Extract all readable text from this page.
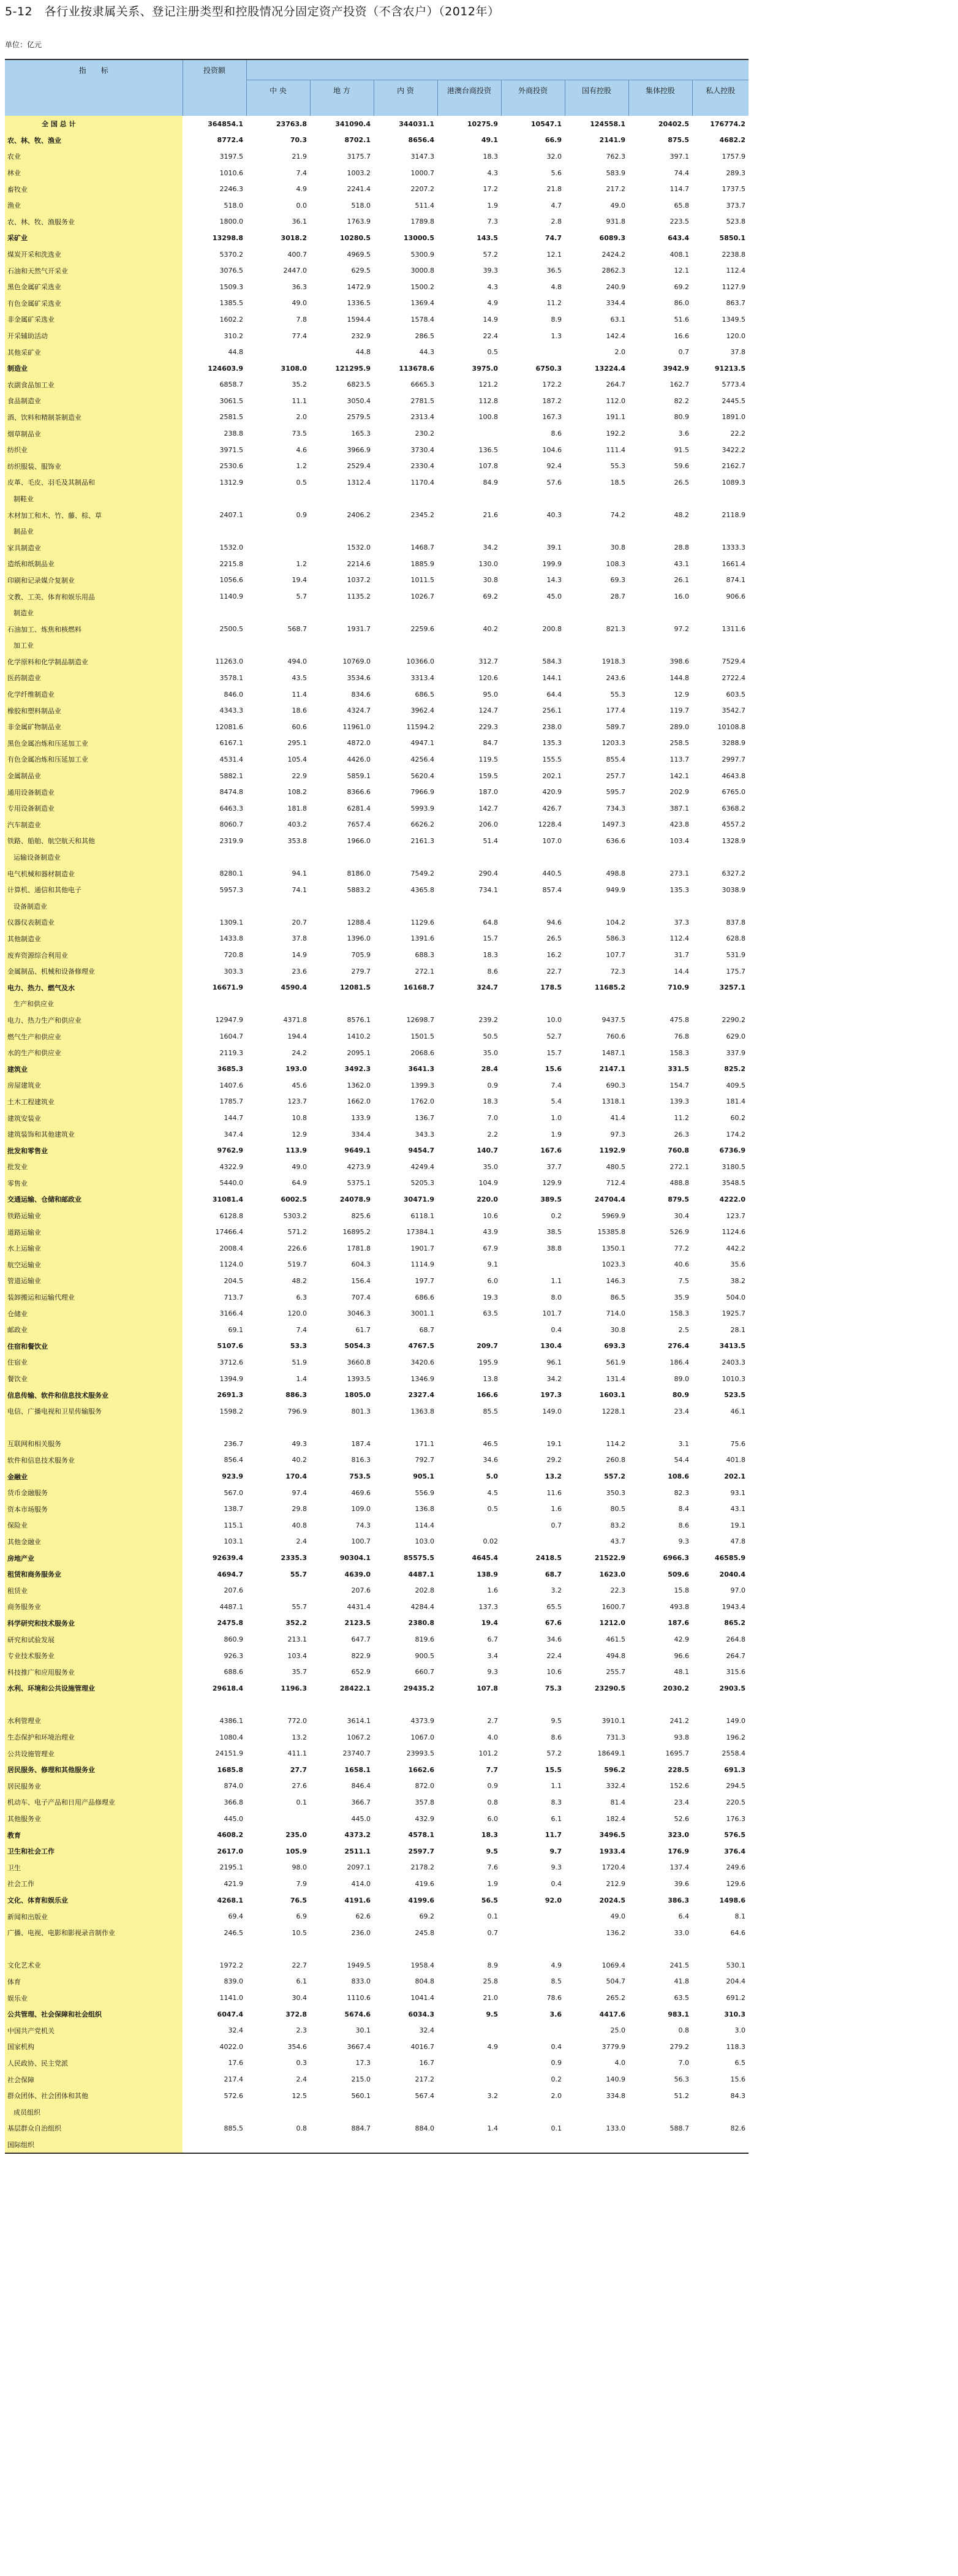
5-12　各行业按隶属关系、登记注册类型和控股情况分固定资产投资（不含农户）（2012年）
单位：亿元
指　　标	投资额								
		中 央	地 方	内 资	港澳台商投资	外商投资	国有控股	集体控股	私人控股

全 国 总 计	364854.1	23763.8	341090.4	344031.1	10275.9	10547.1	124558.1	20402.5	176774.2
农、林、牧、渔业	8772.4	70.3	8702.1	8656.4	49.1	66.9	2141.9	875.5	4682.2
农业	3197.5	21.9	3175.7	3147.3	18.3	32.0	762.3	397.1	1757.9
林业	1010.6	7.4	1003.2	1000.7	4.3	5.6	583.9	74.4	289.3
畜牧业	2246.3	4.9	2241.4	2207.2	17.2	21.8	217.2	114.7	1737.5
渔业	518.0	0.0	518.0	511.4	1.9	4.7	49.0	65.8	373.7
农、林、牧、渔服务业	1800.0	36.1	1763.9	1789.8	7.3	2.8	931.8	223.5	523.8
采矿业	13298.8	3018.2	10280.5	13000.5	143.5	74.7	6089.3	643.4	5850.1
煤炭开采和洗选业	5370.2	400.7	4969.5	5300.9	57.2	12.1	2424.2	408.1	2238.8
石油和天然气开采业	3076.5	2447.0	629.5	3000.8	39.3	36.5	2862.3	12.1	112.4
黑色金属矿采选业	1509.3	36.3	1472.9	1500.2	4.3	4.8	240.9	69.2	1127.9
有色金属矿采选业	1385.5	49.0	1336.5	1369.4	4.9	11.2	334.4	86.0	863.7
非金属矿采选业	1602.2	7.8	1594.4	1578.4	14.9	8.9	63.1	51.6	1349.5
开采辅助活动	310.2	77.4	232.9	286.5	22.4	1.3	142.4	16.6	120.0
其他采矿业	44.8		44.8	44.3	0.5		2.0	0.7	37.8
制造业	124603.9	3108.0	121295.9	113678.6	3975.0	6750.3	13224.4	3942.9	91213.5
农副食品加工业	6858.7	35.2	6823.5	6665.3	121.2	172.2	264.7	162.7	5773.4
食品制造业	3061.5	11.1	3050.4	2781.5	112.8	187.2	112.0	82.2	2445.5
酒、饮料和精制茶制造业	2581.5	2.0	2579.5	2313.4	100.8	167.3	191.1	80.9	1891.0
烟草制品业	238.8	73.5	165.3	230.2		8.6	192.2	3.6	22.2
纺织业	3971.5	4.6	3966.9	3730.4	136.5	104.6	111.4	91.5	3422.2
纺织服装、服饰业	2530.6	1.2	2529.4	2330.4	107.8	92.4	55.3	59.6	2162.7
皮革、毛皮、羽毛及其制品和	1312.9	0.5	1312.4	1170.4	84.9	57.6	18.5	26.5	1089.3
制鞋业									
木材加工和木、竹、藤、棕、草	2407.1	0.9	2406.2	2345.2	21.6	40.3	74.2	48.2	2118.9
制品业									
家具制造业	1532.0		1532.0	1468.7	34.2	39.1	30.8	28.8	1333.3
造纸和纸制品业	2215.8	1.2	2214.6	1885.9	130.0	199.9	108.3	43.1	1661.4
印刷和记录媒介复制业	1056.6	19.4	1037.2	1011.5	30.8	14.3	69.3	26.1	874.1
文教、工美、体育和娱乐用品	1140.9	5.7	1135.2	1026.7	69.2	45.0	28.7	16.0	906.6
制造业									
石油加工、炼焦和核燃料	2500.5	568.7	1931.7	2259.6	40.2	200.8	821.3	97.2	1311.6
加工业									
化学原料和化学制品制造业	11263.0	494.0	10769.0	10366.0	312.7	584.3	1918.3	398.6	7529.4
医药制造业	3578.1	43.5	3534.6	3313.4	120.6	144.1	243.6	144.8	2722.4
化学纤维制造业	846.0	11.4	834.6	686.5	95.0	64.4	55.3	12.9	603.5
橡胶和塑料制品业	4343.3	18.6	4324.7	3962.4	124.7	256.1	177.4	119.7	3542.7
非金属矿物制品业	12081.6	60.6	11961.0	11594.2	229.3	238.0	589.7	289.0	10108.8
黑色金属冶炼和压延加工业	6167.1	295.1	4872.0	4947.1	84.7	135.3	1203.3	258.5	3288.9
有色金属冶炼和压延加工业	4531.4	105.4	4426.0	4256.4	119.5	155.5	855.4	113.7	2997.7
金属制品业	5882.1	22.9	5859.1	5620.4	159.5	202.1	257.7	142.1	4643.8
通用设备制造业	8474.8	108.2	8366.6	7966.9	187.0	420.9	595.7	202.9	6765.0
专用设备制造业	6463.3	181.8	6281.4	5993.9	142.7	426.7	734.3	387.1	6368.2
汽车制造业	8060.7	403.2	7657.4	6626.2	206.0	1228.4	1497.3	423.8	4557.2
铁路、船舶、航空航天和其他	2319.9	353.8	1966.0	2161.3	51.4	107.0	636.6	103.4	1328.9
运输设备制造业									
电气机械和器材制造业	8280.1	94.1	8186.0	7549.2	290.4	440.5	498.8	273.1	6327.2
计算机、通信和其他电子	5957.3	74.1	5883.2	4365.8	734.1	857.4	949.9	135.3	3038.9
设备制造业									
仪器仪表制造业	1309.1	20.7	1288.4	1129.6	64.8	94.6	104.2	37.3	837.8
其他制造业	1433.8	37.8	1396.0	1391.6	15.7	26.5	586.3	112.4	628.8
废弃资源综合利用业	720.8	14.9	705.9	688.3	18.3	16.2	107.7	31.7	531.9
金属制品、机械和设备修理业	303.3	23.6	279.7	272.1	8.6	22.7	72.3	14.4	175.7
电力、热力、燃气及水	16671.9	4590.4	12081.5	16168.7	324.7	178.5	11685.2	710.9	3257.1
生产和供应业									
电力、热力生产和供应业	12947.9	4371.8	8576.1	12698.7	239.2	10.0	9437.5	475.8	2290.2
燃气生产和供应业	1604.7	194.4	1410.2	1501.5	50.5	52.7	760.6	76.8	629.0
水的生产和供应业	2119.3	24.2	2095.1	2068.6	35.0	15.7	1487.1	158.3	337.9
建筑业	3685.3	193.0	3492.3	3641.3	28.4	15.6	2147.1	331.5	825.2
房屋建筑业	1407.6	45.6	1362.0	1399.3	0.9	7.4	690.3	154.7	409.5
土木工程建筑业	1785.7	123.7	1662.0	1762.0	18.3	5.4	1318.1	139.3	181.4
建筑安装业	144.7	10.8	133.9	136.7	7.0	1.0	41.4	11.2	60.2
建筑装饰和其他建筑业	347.4	12.9	334.4	343.3	2.2	1.9	97.3	26.3	174.2
批发和零售业	9762.9	113.9	9649.1	9454.7	140.7	167.6	1192.9	760.8	6736.9
批发业	4322.9	49.0	4273.9	4249.4	35.0	37.7	480.5	272.1	3180.5
零售业	5440.0	64.9	5375.1	5205.3	104.9	129.9	712.4	488.8	3548.5
交通运输、仓储和邮政业	31081.4	6002.5	24078.9	30471.9	220.0	389.5	24704.4	879.5	4222.0
铁路运输业	6128.8	5303.2	825.6	6118.1	10.6	0.2	5969.9	30.4	123.7
道路运输业	17466.4	571.2	16895.2	17384.1	43.9	38.5	15385.8	526.9	1124.6
水上运输业	2008.4	226.6	1781.8	1901.7	67.9	38.8	1350.1	77.2	442.2
航空运输业	1124.0	519.7	604.3	1114.9	9.1		1023.3	40.6	35.6
管道运输业	204.5	48.2	156.4	197.7	6.0	1.1	146.3	7.5	38.2
装卸搬运和运输代理业	713.7	6.3	707.4	686.6	19.3	8.0	86.5	35.9	504.0
仓储业	3166.4	120.0	3046.3	3001.1	63.5	101.7	714.0	158.3	1925.7
邮政业	69.1	7.4	61.7	68.7		0.4	30.8	2.5	28.1
住宿和餐饮业	5107.6	53.3	5054.3	4767.5	209.7	130.4	693.3	276.4	3413.5
住宿业	3712.6	51.9	3660.8	3420.6	195.9	96.1	561.9	186.4	2403.3
餐饮业	1394.9	1.4	1393.5	1346.9	13.8	34.2	131.4	89.0	1010.3
信息传输、软件和信息技术服务业	2691.3	886.3	1805.0	2327.4	166.6	197.3	1603.1	80.9	523.5
电信、广播电视和卫星传输服务	1598.2	796.9	801.3	1363.8	85.5	149.0	1228.1	23.4	46.1

互联网和相关服务	236.7	49.3	187.4	171.1	46.5	19.1	114.2	3.1	75.6
软件和信息技术服务业	856.4	40.2	816.3	792.7	34.6	29.2	260.8	54.4	401.8
金融业	923.9	170.4	753.5	905.1	5.0	13.2	557.2	108.6	202.1
货币金融服务	567.0	97.4	469.6	556.9	4.5	11.6	350.3	82.3	93.1
资本市场服务	138.7	29.8	109.0	136.8	0.5	1.6	80.5	8.4	43.1
保险业	115.1	40.8	74.3	114.4		0.7	83.2	8.6	19.1
其他金融业	103.1	2.4	100.7	103.0	0.02		43.7	9.3	47.8
房地产业	92639.4	2335.3	90304.1	85575.5	4645.4	2418.5	21522.9	6966.3	46585.9
租赁和商务服务业	4694.7	55.7	4639.0	4487.1	138.9	68.7	1623.0	509.6	2040.4
租赁业	207.6		207.6	202.8	1.6	3.2	22.3	15.8	97.0
商务服务业	4487.1	55.7	4431.4	4284.4	137.3	65.5	1600.7	493.8	1943.4
科学研究和技术服务业	2475.8	352.2	2123.5	2380.8	19.4	67.6	1212.0	187.6	865.2
研究和试验发展	860.9	213.1	647.7	819.6	6.7	34.6	461.5	42.9	264.8
专业技术服务业	926.3	103.4	822.9	900.5	3.4	22.4	494.8	96.6	264.7
科技推广和应用服务业	688.6	35.7	652.9	660.7	9.3	10.6	255.7	48.1	315.6
水利、环境和公共设施管理业	29618.4	1196.3	28422.1	29435.2	107.8	75.3	23290.5	2030.2	2903.5

水利管理业	4386.1	772.0	3614.1	4373.9	2.7	9.5	3910.1	241.2	149.0
生态保护和环境治理业	1080.4	13.2	1067.2	1067.0	4.0	8.6	731.3	93.8	196.2
公共设施管理业	24151.9	411.1	23740.7	23993.5	101.2	57.2	18649.1	1695.7	2558.4
居民服务、修理和其他服务业	1685.8	27.7	1658.1	1662.6	7.7	15.5	596.2	228.5	691.3
居民服务业	874.0	27.6	846.4	872.0	0.9	1.1	332.4	152.6	294.5
机动车、电子产品和日用产品修理业	366.8	0.1	366.7	357.8	0.8	8.3	81.4	23.4	220.5
其他服务业	445.0		445.0	432.9	6.0	6.1	182.4	52.6	176.3
教育	4608.2	235.0	4373.2	4578.1	18.3	11.7	3496.5	323.0	576.5
卫生和社会工作	2617.0	105.9	2511.1	2597.7	9.5	9.7	1933.4	176.9	376.4
卫生	2195.1	98.0	2097.1	2178.2	7.6	9.3	1720.4	137.4	249.6
社会工作	421.9	7.9	414.0	419.6	1.9	0.4	212.9	39.6	129.6
文化、体育和娱乐业	4268.1	76.5	4191.6	4199.6	56.5	92.0	2024.5	386.3	1498.6
新闻和出版业	69.4	6.9	62.6	69.2	0.1		49.0	6.4	8.1
广播、电视、电影和影视录音制作业	246.5	10.5	236.0	245.8	0.7		136.2	33.0	64.6

文化艺术业	1972.2	22.7	1949.5	1958.4	8.9	4.9	1069.4	241.5	530.1
体育	839.0	6.1	833.0	804.8	25.8	8.5	504.7	41.8	204.4
娱乐业	1141.0	30.4	1110.6	1041.4	21.0	78.6	265.2	63.5	691.2
公共管理、社会保障和社会组织	6047.4	372.8	5674.6	6034.3	9.5	3.6	4417.6	983.1	310.3
中国共产党机关	32.4	2.3	30.1	32.4			25.0	0.8	3.0
国家机构	4022.0	354.6	3667.4	4016.7	4.9	0.4	3779.9	279.2	118.3
人民政协、民主党派	17.6	0.3	17.3	16.7		0.9	4.0	7.0	6.5
社会保障	217.4	2.4	215.0	217.2		0.2	140.9	56.3	15.6
群众团体、社会团体和其他	572.6	12.5	560.1	567.4	3.2	2.0	334.8	51.2	84.3
成员组织									
基层群众自治组织	885.5	0.8	884.7	884.0	1.4	0.1	133.0	588.7	82.6
国际组织									
